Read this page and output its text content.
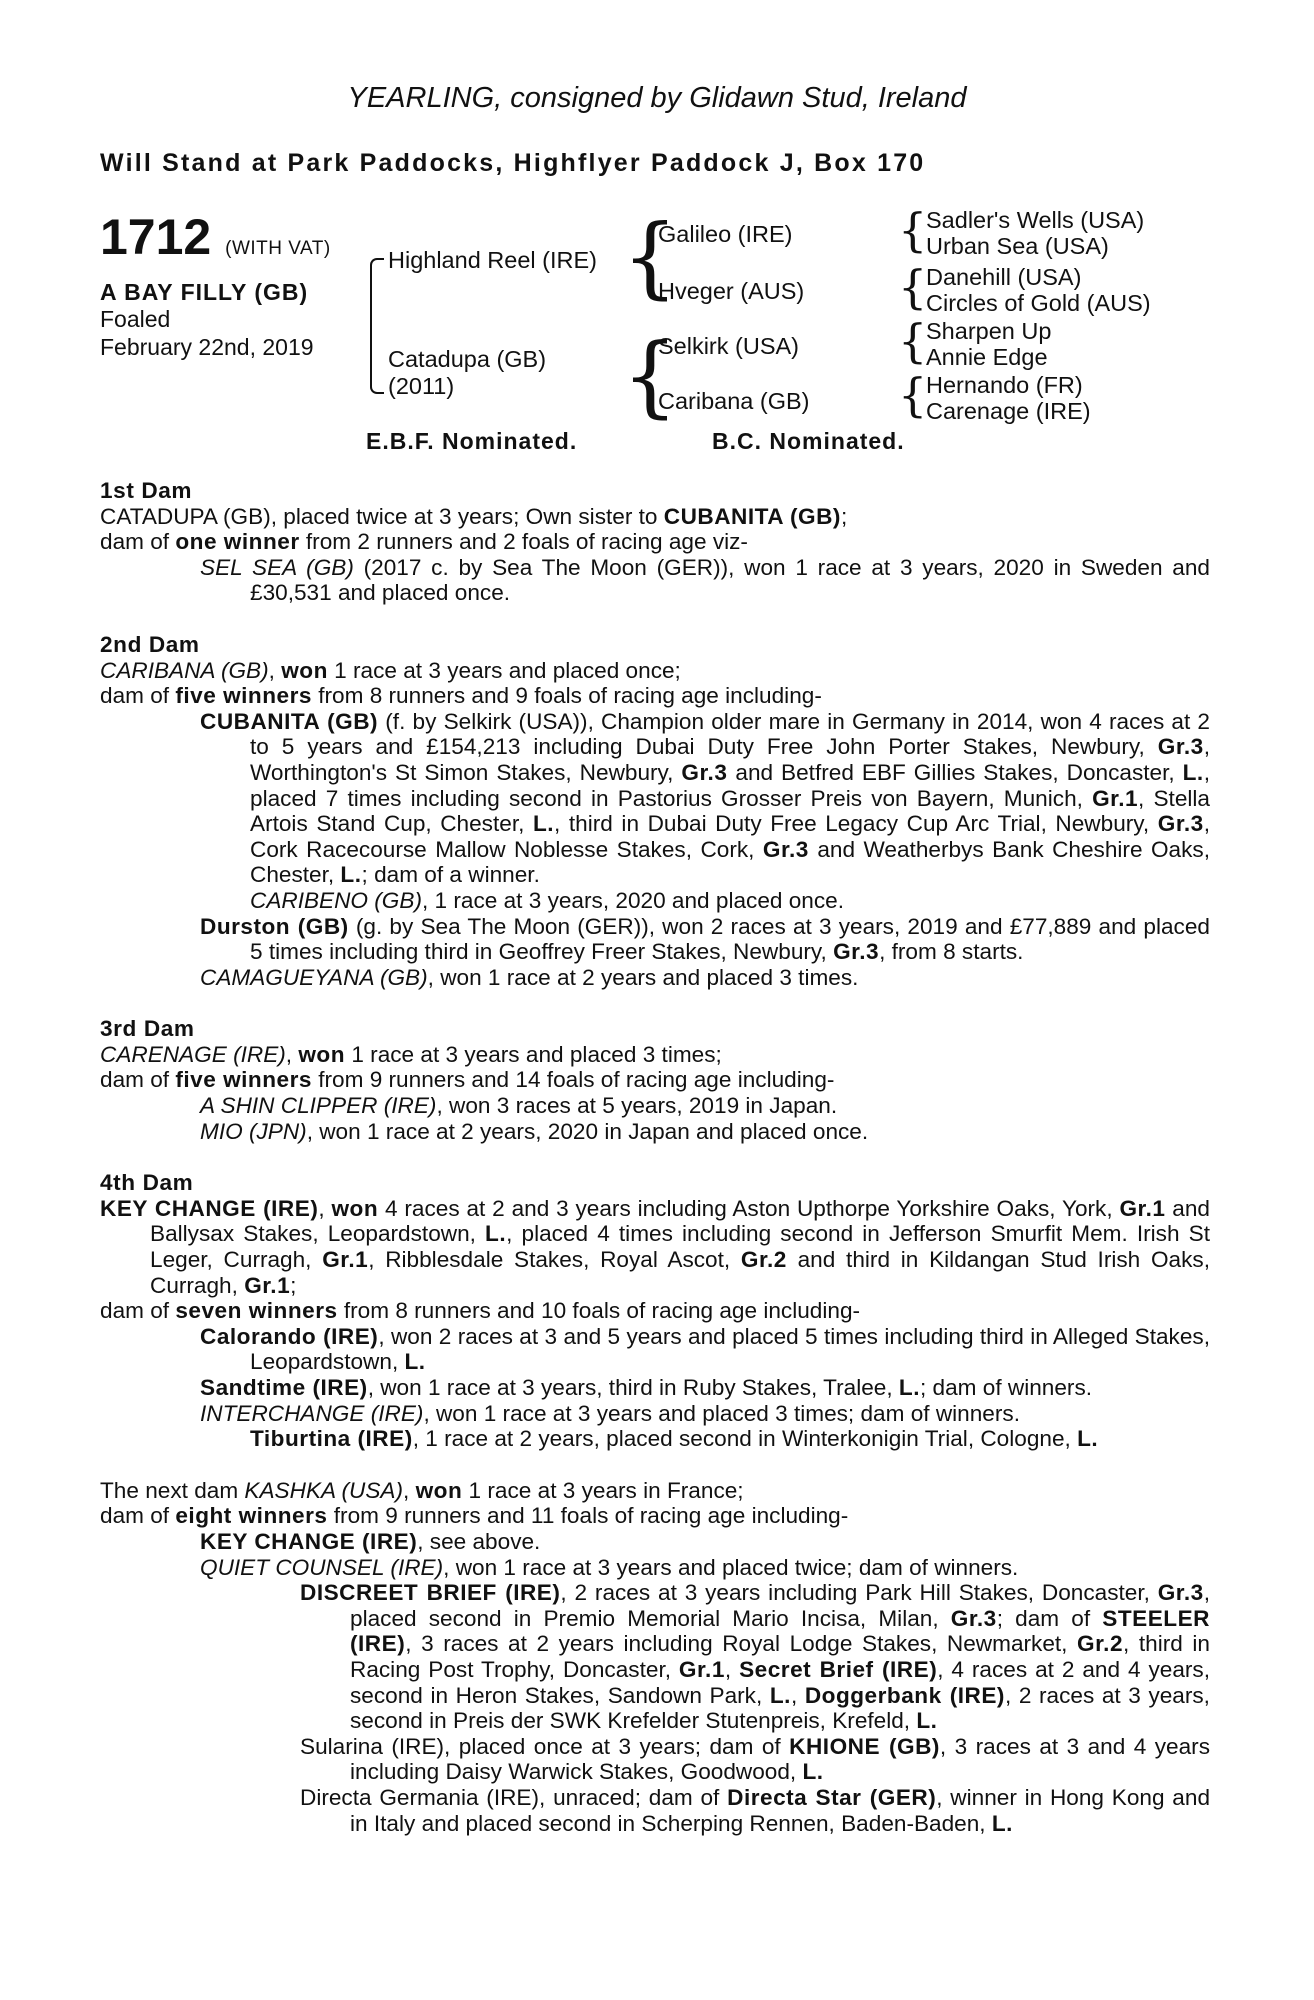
YEARLING, consigned by Glidawn Stud, Ireland
Will Stand at Park Paddocks, Highflyer Paddock J, Box 170
1712 (WITH VAT)
A BAY FILLY (GB)
Foaled
February 22nd, 2019
Highland Reel (IRE)
Catadupa (GB)
(2011)
{
Galileo (IRE)
Hveger (AUS)
{
Selkirk (USA)
Caribana (GB)
{
Sadler's Wells (USA)
Urban Sea (USA)
{
Danehill (USA)
Circles of Gold (AUS)
{
Sharpen Up
Annie Edge
{
Hernando (FR)
Carenage (IRE)
E.B.F. Nominated.	B.C. Nominated.

1st Dam

CATADUPA (GB), placed twice at 3 years; Own sister to CUBANITA (GB);

dam of one winner from 2 runners and 2 foals of racing age viz-

SEL SEA (GB) (2017 c. by Sea The Moon (GER)), won 1 race at 3 years, 2020 in Sweden and £30,531 and placed once.

2nd Dam

CARIBANA (GB), won 1 race at 3 years and placed once;

dam of five winners from 8 runners and 9 foals of racing age including-

CUBANITA (GB) (f. by Selkirk (USA)), Champion older mare in Germany in 2014, won 4 races at 2 to 5 years and £154,213 including Dubai Duty Free John Porter Stakes, Newbury, Gr.3, Worthington's St Simon Stakes, Newbury, Gr.3 and Betfred EBF Gillies Stakes, Doncaster, L., placed 7 times including second in Pastorius Grosser Preis von Bayern, Munich, Gr.1, Stella Artois Stand Cup, Chester, L., third in Dubai Duty Free Legacy Cup Arc Trial, Newbury, Gr.3, Cork Racecourse Mallow Noblesse Stakes, Cork, Gr.3 and Weatherbys Bank Cheshire Oaks, Chester, L.; dam of a winner.

CARIBENO (GB), 1 race at 3 years, 2020 and placed once.

Durston (GB) (g. by Sea The Moon (GER)), won 2 races at 3 years, 2019 and £77,889 and placed 5 times including third in Geoffrey Freer Stakes, Newbury, Gr.3, from 8 starts.

CAMAGUEYANA (GB), won 1 race at 2 years and placed 3 times.

3rd Dam

CARENAGE (IRE), won 1 race at 3 years and placed 3 times;

dam of five winners from 9 runners and 14 foals of racing age including-

A SHIN CLIPPER (IRE), won 3 races at 5 years, 2019 in Japan.

MIO (JPN), won 1 race at 2 years, 2020 in Japan and placed once.

4th Dam

KEY CHANGE (IRE), won 4 races at 2 and 3 years including Aston Upthorpe Yorkshire Oaks, York, Gr.1 and Ballysax Stakes, Leopardstown, L., placed 4 times including second in Jefferson Smurfit Mem. Irish St Leger, Curragh, Gr.1, Ribblesdale Stakes, Royal Ascot, Gr.2 and third in Kildangan Stud Irish Oaks, Curragh, Gr.1;

dam of seven winners from 8 runners and 10 foals of racing age including-

Calorando (IRE), won 2 races at 3 and 5 years and placed 5 times including third in Alleged Stakes, Leopardstown, L.

Sandtime (IRE), won 1 race at 3 years, third in Ruby Stakes, Tralee, L.; dam of winners.

INTERCHANGE (IRE), won 1 race at 3 years and placed 3 times; dam of winners.

Tiburtina (IRE), 1 race at 2 years, placed second in Winterkonigin Trial, Cologne, L.

The next dam KASHKA (USA), won 1 race at 3 years in France;

dam of eight winners from 9 runners and 11 foals of racing age including-

KEY CHANGE (IRE), see above.

QUIET COUNSEL (IRE), won 1 race at 3 years and placed twice; dam of winners.

DISCREET BRIEF (IRE), 2 races at 3 years including Park Hill Stakes, Doncaster, Gr.3, placed second in Premio Memorial Mario Incisa, Milan, Gr.3; dam of STEELER (IRE), 3 races at 2 years including Royal Lodge Stakes, Newmarket, Gr.2, third in Racing Post Trophy, Doncaster, Gr.1, Secret Brief (IRE), 4 races at 2 and 4 years, second in Heron Stakes, Sandown Park, L., Doggerbank (IRE), 2 races at 3 years, second in Preis der SWK Krefelder Stutenpreis, Krefeld, L.

Sularina (IRE), placed once at 3 years; dam of KHIONE (GB), 3 races at 3 and 4 years including Daisy Warwick Stakes, Goodwood, L.

Directa Germania (IRE), unraced; dam of Directa Star (GER), winner in Hong Kong and in Italy and placed second in Scherping Rennen, Baden-Baden, L.
